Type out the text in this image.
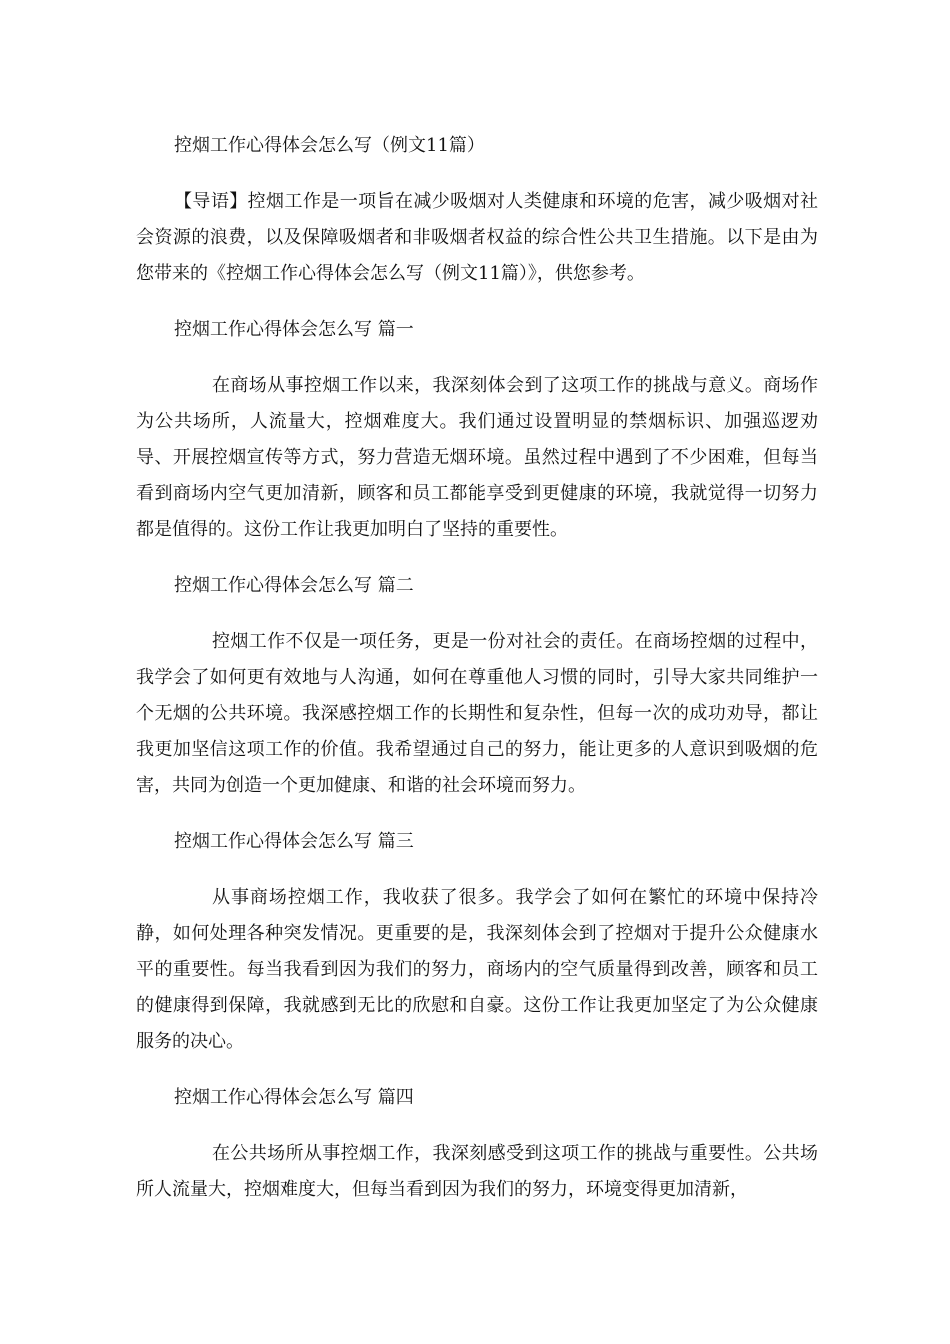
控烟工作心得体会怎么写（例文11篇）

【导语】控烟工作是一项旨在减少吸烟对人类健康和环境的危害，减少吸烟对社会资源的浪费，以及保障吸烟者和非吸烟者权益的综合性公共卫生措施。以下是由为您带来的《控烟工作心得体会怎么写（例文11篇）》，供您参考。

控烟工作心得体会怎么写 篇一

在商场从事控烟工作以来，我深刻体会到了这项工作的挑战与意义。商场作为公共场所，人流量大，控烟难度大。我们通过设置明显的禁烟标识、加强巡逻劝导、开展控烟宣传等方式，努力营造无烟环境。虽然过程中遇到了不少困难，但每当看到商场内空气更加清新，顾客和员工都能享受到更健康的环境，我就觉得一切努力都是值得的。这份工作让我更加明白了坚持的重要性。

控烟工作心得体会怎么写 篇二

控烟工作不仅是一项任务，更是一份对社会的责任。在商场控烟的过程中，我学会了如何更有效地与人沟通，如何在尊重他人习惯的同时，引导大家共同维护一个无烟的公共环境。我深感控烟工作的长期性和复杂性，但每一次的成功劝导，都让我更加坚信这项工作的价值。我希望通过自己的努力，能让更多的人意识到吸烟的危害，共同为创造一个更加健康、和谐的社会环境而努力。

控烟工作心得体会怎么写 篇三

从事商场控烟工作，我收获了很多。我学会了如何在繁忙的环境中保持冷静，如何处理各种突发情况。更重要的是，我深刻体会到了控烟对于提升公众健康水平的重要性。每当我看到因为我们的努力，商场内的空气质量得到改善，顾客和员工的健康得到保障，我就感到无比的欣慰和自豪。这份工作让我更加坚定了为公众健康服务的决心。

控烟工作心得体会怎么写 篇四

在公共场所从事控烟工作，我深刻感受到这项工作的挑战与重要性。公共场所人流量大，控烟难度大，但每当看到因为我们的努力，环境变得更加清新，
